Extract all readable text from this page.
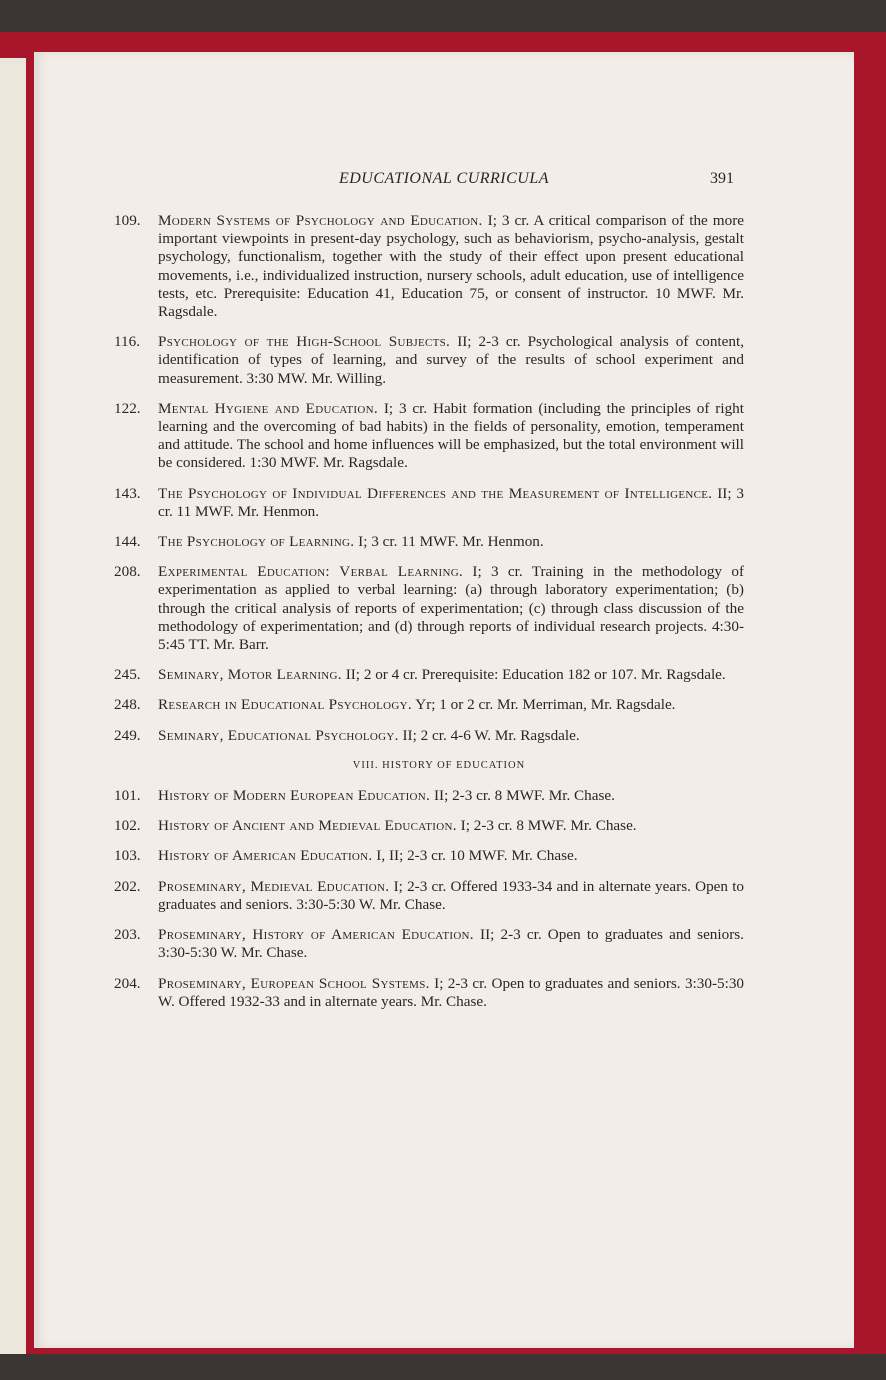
EDUCATIONAL CURRICULA	391
109. Modern Systems of Psychology and Education. I; 3 cr. A critical comparison of the more important viewpoints in present-day psychology, such as behaviorism, psycho-analysis, gestalt psychology, functionalism, together with the study of their effect upon present educational movements, i.e., individualized instruction, nursery schools, adult education, use of intelligence tests, etc. Prerequisite: Education 41, Education 75, or consent of instructor. 10 MWF. Mr. Ragsdale.
116. Psychology of the High-School Subjects. II; 2-3 cr. Psychological analysis of content, identification of types of learning, and survey of the results of school experiment and measurement. 3:30 MW. Mr. Willing.
122. Mental Hygiene and Education. I; 3 cr. Habit formation (including the principles of right learning and the overcoming of bad habits) in the fields of personality, emotion, temperament and attitude. The school and home influences will be emphasized, but the total environment will be considered. 1:30 MWF. Mr. Ragsdale.
143. The Psychology of Individual Differences and the Measurement of Intelligence. II; 3 cr. 11 MWF. Mr. Henmon.
144. The Psychology of Learning. I; 3 cr. 11 MWF. Mr. Henmon.
208. Experimental Education: Verbal Learning. I; 3 cr. Training in the methodology of experimentation as applied to verbal learning: (a) through laboratory experimentation; (b) through the critical analysis of reports of experimentation; (c) through class discussion of the methodology of experimentation; and (d) through reports of individual research projects. 4:30-5:45 TT. Mr. Barr.
245. Seminary, Motor Learning. II; 2 or 4 cr. Prerequisite: Education 182 or 107. Mr. Ragsdale.
248. Research in Educational Psychology. Yr; 1 or 2 cr. Mr. Merriman, Mr. Ragsdale.
249. Seminary, Educational Psychology. II; 2 cr. 4-6 W. Mr. Ragsdale.
VIII. HISTORY OF EDUCATION
101. History of Modern European Education. II; 2-3 cr. 8 MWF. Mr. Chase.
102. History of Ancient and Medieval Education. I; 2-3 cr. 8 MWF. Mr. Chase.
103. History of American Education. I, II; 2-3 cr. 10 MWF. Mr. Chase.
202. Proseminary, Medieval Education. I; 2-3 cr. Offered 1933-34 and in alternate years. Open to graduates and seniors. 3:30-5:30 W. Mr. Chase.
203. Proseminary, History of American Education. II; 2-3 cr. Open to graduates and seniors. 3:30-5:30 W. Mr. Chase.
204. Proseminary, European School Systems. I; 2-3 cr. Open to graduates and seniors. 3:30-5:30 W. Offered 1932-33 and in alternate years. Mr. Chase.
